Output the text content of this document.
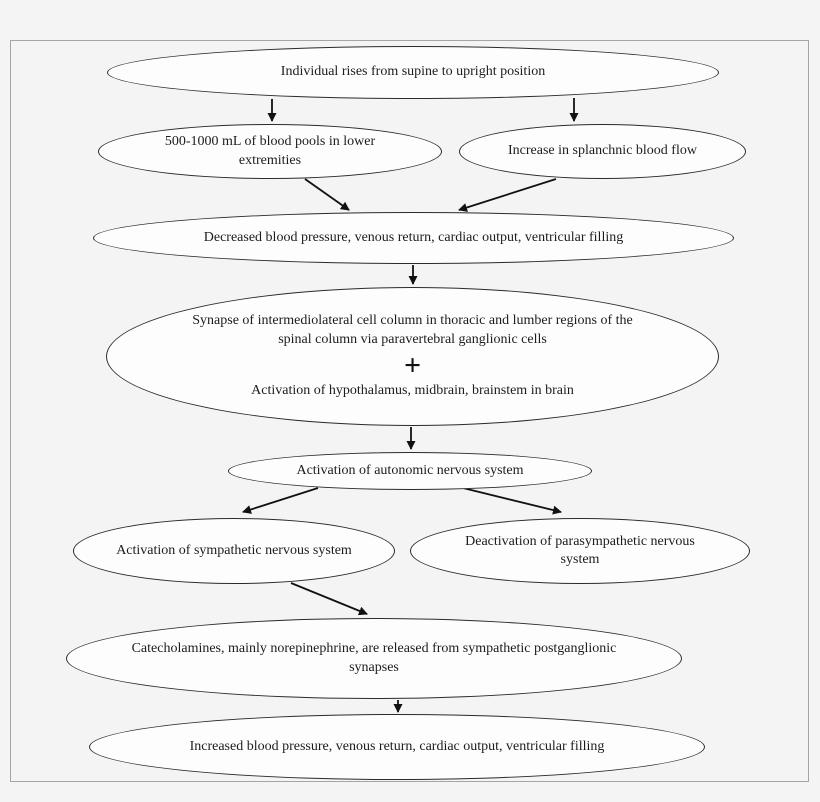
Individual rises from supine to upright position
500-1000 mL of blood pools in lower extremities
Increase in splanchnic blood flow
Decreased blood pressure, venous return, cardiac output, ventricular filling
Synapse of intermediolateral cell column in thoracic and lumber regions of the spinal column via paravertebral ganglionic cells
+
Activation of hypothalamus, midbrain, brainstem in brain
Activation of autonomic nervous system
Activation of sympathetic nervous system
Deactivation of parasympathetic nervous system
Catecholamines, mainly norepinephrine, are released from sympathetic postganglionic synapses
Increased blood pressure, venous return, cardiac output, ventricular filling
